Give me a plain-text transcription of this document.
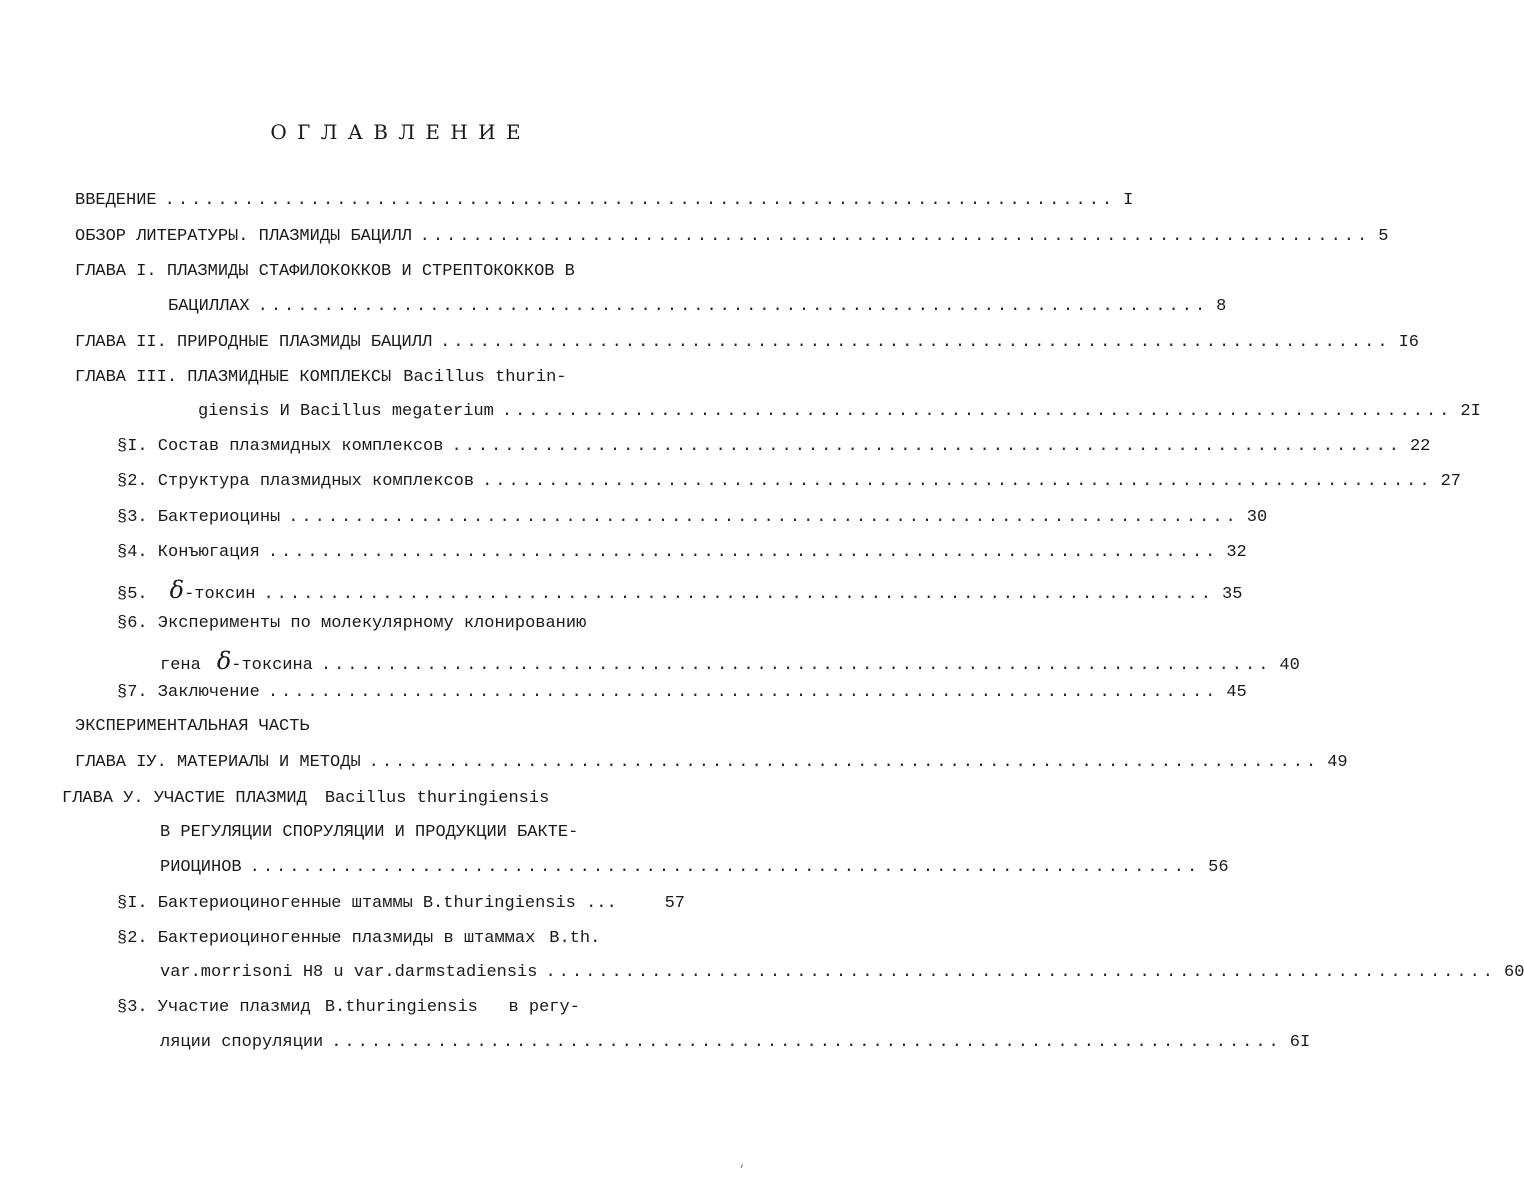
О Г Л А В Л Е Н И Е
ВВЕДЕНИЕ ........................................................................ I
ОБЗОР ЛИТЕРАТУРЫ. ПЛАЗМИДЫ БАЦИЛЛ ........................................................................ 5
ГЛАВА I. ПЛАЗМИДЫ СТАФИЛОКОККОВ И СТРЕПТОКОККОВ В
БАЦИЛЛАХ ........................................................................ 8
ГЛАВА II. ПРИРОДНЫЕ ПЛАЗМИДЫ БАЦИЛЛ ........................................................................ I6
ГЛАВА III. ПЛАЗМИДНЫЕ КОМПЛЕКСЫ Bacillus thurin-
giensis И Bacillus megaterium ........................................................................ 2I
§I. Состав плазмидных комплексов ........................................................................ 22
§2. Структура плазмидных комплексов ........................................................................ 27
§3. Бактериоцины ........................................................................ 30
§4. Конъюгация ........................................................................ 32
§5. δ -токсин ........................................................................ 35
§6. Эксперименты по молекулярному клонированию
гена δ -токсина ........................................................................ 40
§7. Заключение ........................................................................ 45
ЭКСПЕРИМЕНТАЛЬНАЯ ЧАСТЬ
ГЛАВА IУ. МАТЕРИАЛЫ И МЕТОДЫ ........................................................................ 49
ГЛАВА У. УЧАСТИЕ ПЛАЗМИД Bacillus thuringiensis
В РЕГУЛЯЦИИ СПОРУЛЯЦИИ И ПРОДУКЦИИ БАКТЕ-
РИОЦИНОВ ........................................................................ 56
§I. Бактериоциногенные штаммы B.thuringiensis ...	57
§2. Бактериоциногенные плазмиды в штаммах B.th.
var.morrisoni H8 u var.darmstadiensis ........................................................................ 60
§3. Участие плазмид B.thuringiensis   в регу-
ляции споруляции ........................................................................ 6I
‘
